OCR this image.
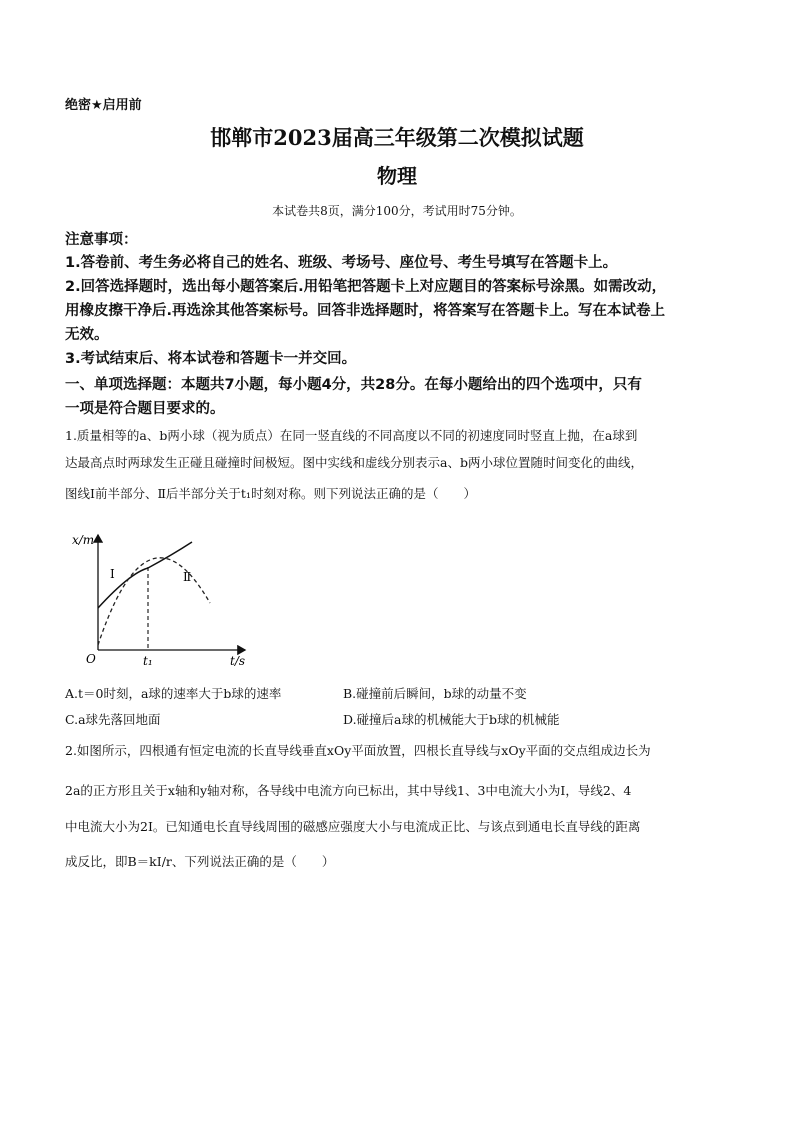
绝密★启用前
邯郸市2023届高三年级第二次模拟试题
物理
本试卷共8页，满分100分，考试用时75分钟。
注意事项：
1.答卷前、考生务必将自己的姓名、班级、考场号、座位号、考生号填写在答题卡上。
2.回答选择题时，选出每小题答案后.用铅笔把答题卡上对应题目的答案标号涂黑。如需改动，
用橡皮擦干净后.再选涂其他答案标号。回答非选择题时，将答案写在答题卡上。写在本试卷上
无效。
3.考试结束后、将本试卷和答题卡一并交回。
一、单项选择题：本题共7小题，每小题4分，共28分。在每小题给出的四个选项中，只有
一项是符合题目要求的。
1.质量相等的a、b两小球（视为质点）在同一竖直线的不同高度以不同的初速度同时竖直上抛，在a球到
达最高点时两球发生正碰且碰撞时间极短。图中实线和虚线分别表示a、b两小球位置随时间变化的曲线，
图线Ⅰ前半部分、Ⅱ后半部分关于t₁时刻对称。则下列说法正确的是（　　）
x/m
t/s
O	t₁
Ⅰ	Ⅱ
A.t＝0时刻，a球的速率大于b球的速率	B.碰撞前后瞬间，b球的动量不变
C.a球先落回地面	D.碰撞后a球的机械能大于b球的机械能
2.如图所示，四根通有恒定电流的长直导线垂直xOy平面放置，四根长直导线与xOy平面的交点组成边长为
2a的正方形且关于x轴和y轴对称，各导线中电流方向已标出，其中导线1、3中电流大小为I，导线2、4
中电流大小为2I。已知通电长直导线周围的磁感应强度大小与电流成正比、与该点到通电长直导线的距离
成反比，即B＝kI/r、下列说法正确的是（　　）
